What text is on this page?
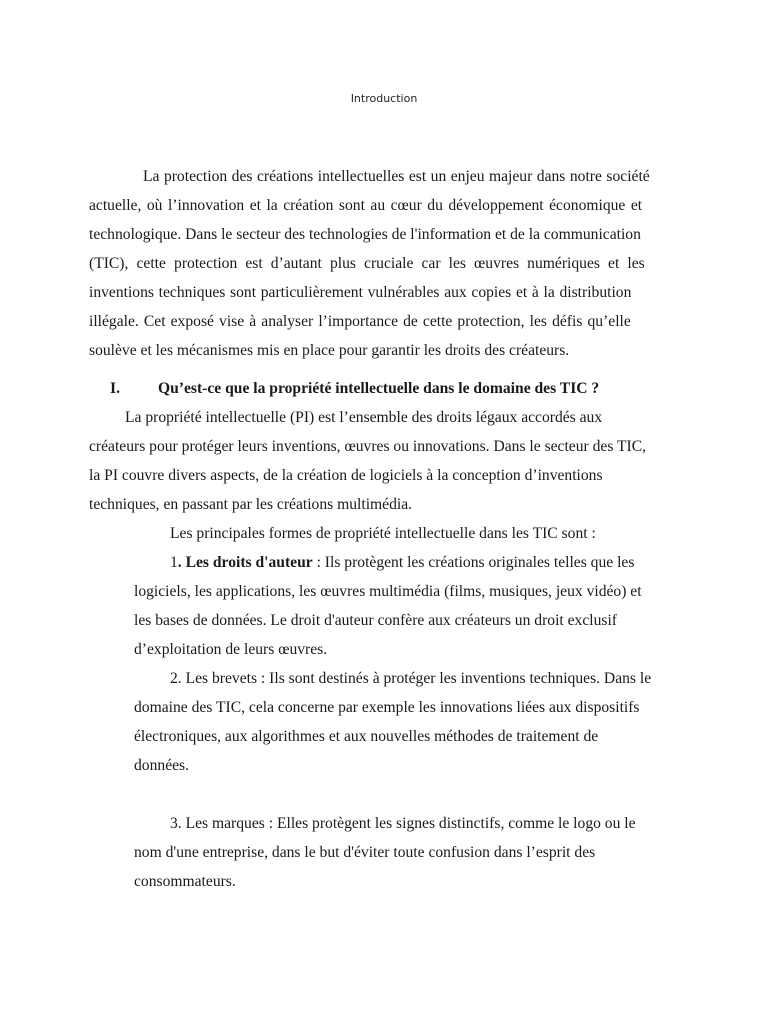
Introduction
La protection des créations intellectuelles est un enjeu majeur dans notre société
actuelle, où l’innovation et la création sont au cœur du développement économique et
technologique. Dans le secteur des technologies de l'information et de la communication
(TIC), cette protection est d’autant plus cruciale car les œuvres numériques et les
inventions techniques sont particulièrement vulnérables aux copies et à la distribution
illégale. Cet exposé vise à analyser l’importance de cette protection, les défis qu’elle
soulève et les mécanismes mis en place pour garantir les droits des créateurs.
I. Qu’est-ce que la propriété intellectuelle dans le domaine des TIC ?
La propriété intellectuelle (PI) est l’ensemble des droits légaux accordés aux
créateurs pour protéger leurs inventions, œuvres ou innovations. Dans le secteur des TIC,
la PI couvre divers aspects, de la création de logiciels à la conception d’inventions
techniques, en passant par les créations multimédia.
Les principales formes de propriété intellectuelle dans les TIC sont :
1. Les droits d'auteur : Ils protègent les créations originales telles que les
logiciels, les applications, les œuvres multimédia (films, musiques, jeux vidéo) et
les bases de données. Le droit d'auteur confère aux créateurs un droit exclusif
d’exploitation de leurs œuvres.
2. Les brevets : Ils sont destinés à protéger les inventions techniques. Dans le
domaine des TIC, cela concerne par exemple les innovations liées aux dispositifs
électroniques, aux algorithmes et aux nouvelles méthodes de traitement de
données.
3. Les marques : Elles protègent les signes distinctifs, comme le logo ou le
nom d'une entreprise, dans le but d'éviter toute confusion dans l’esprit des
consommateurs.
